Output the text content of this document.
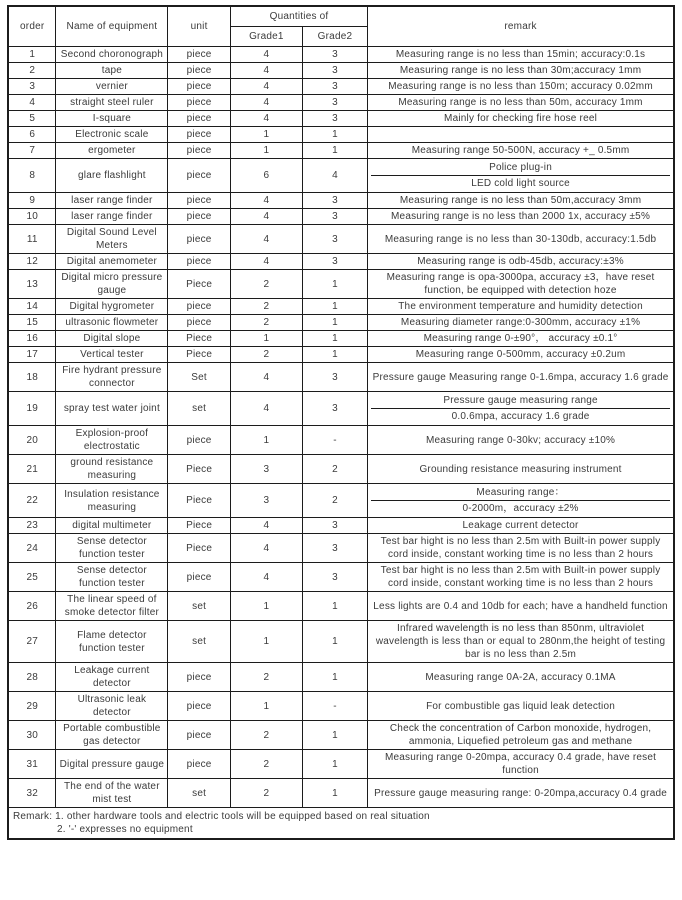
order	Name of equipment	unit	Quantities of		remark
			Grade1	Grade2	
1	Second choronograph	piece	4	3	Measuring range is no less than 15min; accuracy:0.1s
2	tape	piece	4	3	Measuring range is no less than 30m;accuracy 1mm
3	vernier	piece	4	3	Measuring range is no less than 150m; accuracy 0.02mm
4	straight steel ruler	piece	4	3	Measuring range is no less than 50m, accuracy 1mm
5	I-square	piece	4	3	Mainly for checking fire hose reel
6	Electronic scale	piece	1	1	
7	ergometer	piece	1	1	Measuring range 50-500N, accuracy +_ 0.5mm
8	glare flashlight	piece	6	4	Police plug-in
LED cold light source

9	laser range finder	piece	4	3	Measuring range is no less than 50m,accuracy 3mm
10	laser range finder	piece	4	3	Measuring range is no less than 2000 1x, accuracy ±5%
11	Digital Sound Level Meters	piece	4	3	Measuring range is no less than 30-130db, accuracy:1.5db
12	Digital anemometer	piece	4	3	Measuring range is odb-45db, accuracy:±3%
13	Digital micro pressure gauge	Piece	2	1	Measuring range is opa-3000pa, accuracy ±3，have reset function, be equipped with detection hoze
14	Digital hygrometer	piece	2	1	The environment temperature and humidity detection
15	ultrasonic flowmeter	piece	2	1	Measuring diameter range:0-300mm, accuracy ±1%
16	Digital slope	Piece	1	1	Measuring range 0-±90°， accuracy ±0.1°
17	Vertical tester	Piece	2	1	Measuring range 0-500mm, accuracy ±0.2um
18	Fire hydrant pressure connector	Set	4	3	Pressure gauge Measuring range 0-1.6mpa, accuracy 1.6 grade
19	spray test water joint	set	4	3	Pressure gauge measuring range
0.0.6mpa, accuracy 1.6 grade

20	Explosion-proof electrostatic	piece	1	-	Measuring range 0-30kv; accuracy ±10%
21	ground resistance measuring	Piece	3	2	Grounding resistance measuring instrument
22	Insulation resistance measuring	Piece	3	2	Measuring range：
0-2000m，accuracy ±2%

23	digital multimeter	Piece	4	3	Leakage current detector
24	Sense detector function tester	Piece	4	3	Test bar hight is no less than 2.5m with Built-in power supply cord inside, constant working time is no less than 2 hours
25	Sense detector function tester	piece	4	3	Test bar hight is no less than 2.5m with Built-in power supply cord inside, constant working time is no less than 2 hours
26	The linear speed of smoke detector filter	set	1	1	Less lights are 0.4 and 10db for each; have a handheld function
27	Flame detector function tester	set	1	1	Infrared wavelength is no less than 850nm, ultraviolet wavelength is less than or equal to 280nm,the height of testing bar is no less than 2.5m
28	Leakage current detector	piece	2	1	Measuring range 0A-2A, accuracy 0.1MA
29	Ultrasonic leak detector	piece	1	-	For combustible gas liquid leak detection
30	Portable combustible gas detector	piece	2	1	Check the concentration of Carbon monoxide, hydrogen, ammonia, Liquefied petroleum gas and methane
31	Digital pressure gauge	piece	2	1	Measuring range 0-20mpa, accuracy 0.4 grade, have reset function
32	The end of the water mist test	set	2	1	Pressure gauge measuring range: 0-20mpa,accuracy 0.4 grade

Remark: 1. other hardware tools and electric tools will be equipped based on real situation
2. '-' expresses no equipment					
